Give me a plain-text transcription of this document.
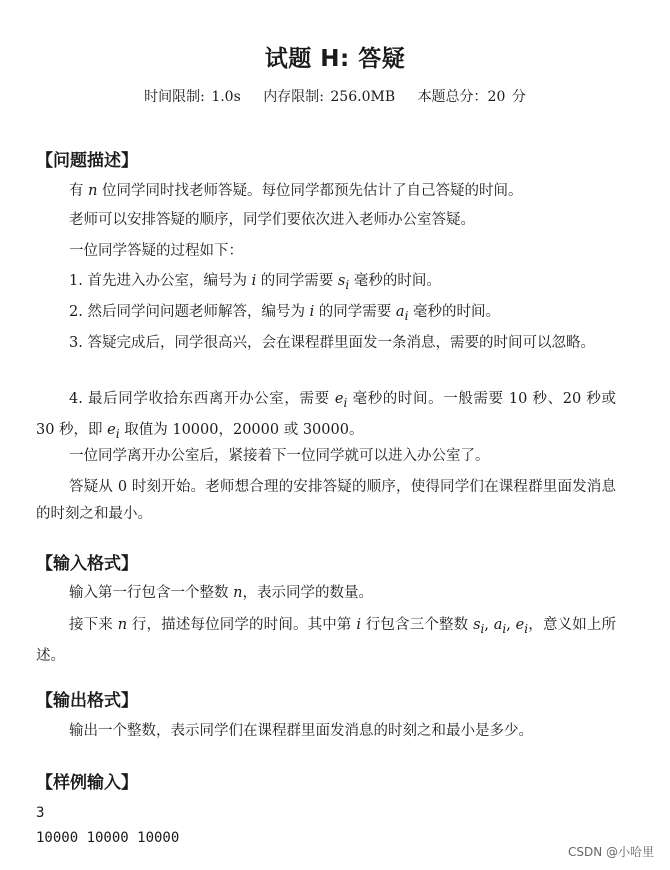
试题 H: 答疑
时间限制: 1.0s 内存限制: 256.0MB 本题总分：20 分
【问题描述】
有 n 位同学同时找老师答疑。每位同学都预先估计了自己答疑的时间。
老师可以安排答疑的顺序，同学们要依次进入老师办公室答疑。
一位同学答疑的过程如下：
1. 首先进入办公室，编号为 i 的同学需要 $s_i$ 毫秒的时间。
2. 然后同学问问题老师解答，编号为 i 的同学需要 $a_i$ 毫秒的时间。
3. 答疑完成后，同学很高兴，会在课程群里面发一条消息，需要的时间可以忽略。
4. 最后同学收拾东西离开办公室，需要 $e_i$ 毫秒的时间。一般需要 10 秒、20 秒或 30 秒，即 $e_i$ 取值为 10000，20000 或 30000。
一位同学离开办公室后，紧接着下一位同学就可以进入办公室了。
答疑从 0 时刻开始。老师想合理的安排答疑的顺序，使得同学们在课程群里面发消息的时刻之和最小。
【输入格式】
输入第一行包含一个整数 n，表示同学的数量。
接下来 n 行，描述每位同学的时间。其中第 i 行包含三个整数 $s_i$, $a_i$, $e_i$，意义如上所述。
【输出格式】
输出一个整数，表示同学们在课程群里面发消息的时刻之和最小是多少。
【样例输入】
3
10000 10000 10000
CSDN @小哈里
